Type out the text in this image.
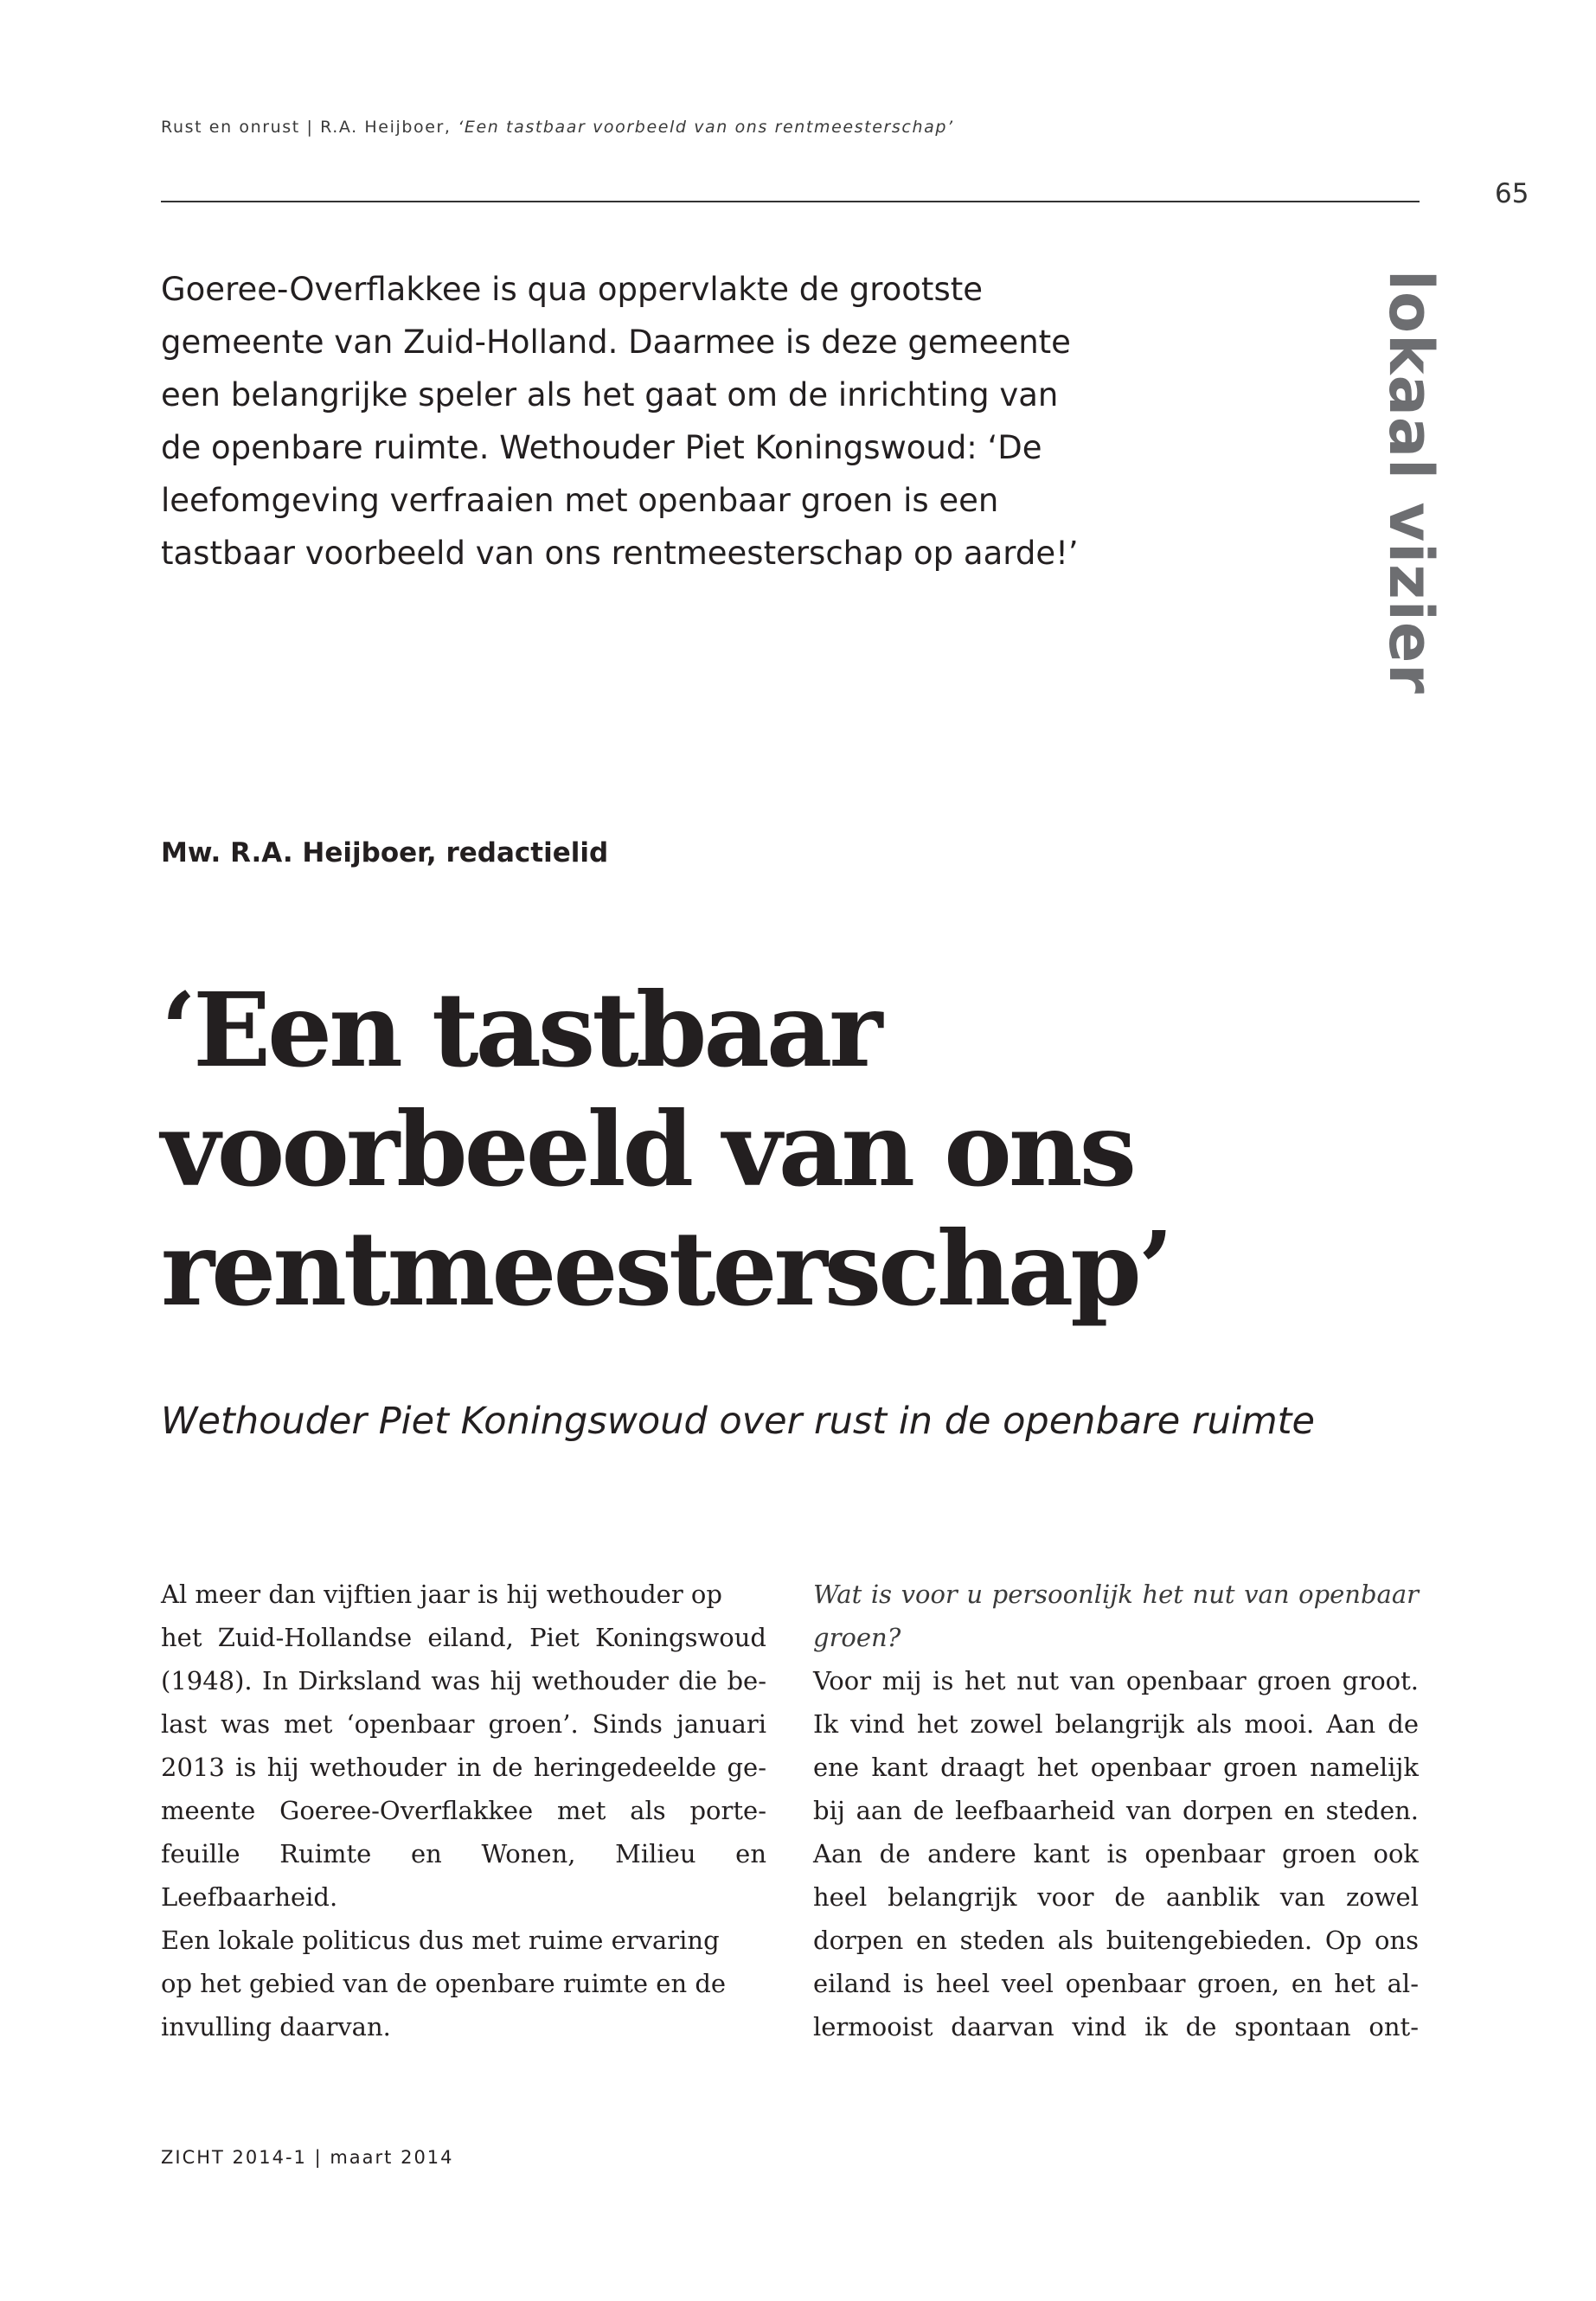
Rust en onrust | R.A. Heijboer, ‘Een tastbaar voorbeeld van ons rentmeesterschap’
65
Goeree-Overflakkee is qua oppervlakte de grootste
gemeente van Zuid-Holland. Daarmee is deze gemeente
een belangrijke speler als het gaat om de inrichting van
de openbare ruimte. Wethouder Piet Koningswoud: ‘De
leefomgeving verfraaien met openbaar groen is een
tastbaar voorbeeld van ons rentmeesterschap op aarde!’	lokaal vizier
Mw. R.A. Heijboer, redactielid
‘Een tastbaar
voorbeeld van ons
rentmeesterschap’
Wethouder Piet Koningswoud over rust in de openbare ruimte
Al meer dan vijftien jaar is hij wethouder op
het Zuid-Hollandse eiland, Piet Koningswoud
(1948). In Dirksland was hij wethouder die be-
last was met ‘openbaar groen’. Sinds januari
2013 is hij wethouder in de heringedeelde ge-
meente Goeree-Overflakkee met als porte-
feuille Ruimte en Wonen, Milieu en
Leefbaarheid.
Een lokale politicus dus met ruime ervaring
op het gebied van de openbare ruimte en de
invulling daarvan.
Wat is voor u persoonlijk het nut van openbaar
groen?
Voor mij is het nut van openbaar groen groot.
Ik vind het zowel belangrijk als mooi. Aan de
ene kant draagt het openbaar groen namelijk
bij aan de leefbaarheid van dorpen en steden.
Aan de andere kant is openbaar groen ook
heel belangrijk voor de aanblik van zowel
dorpen en steden als buitengebieden. Op ons
eiland is heel veel openbaar groen, en het al-
lermooist daarvan vind ik de spontaan ont-
ZICHT 2014-1 | maart 2014
